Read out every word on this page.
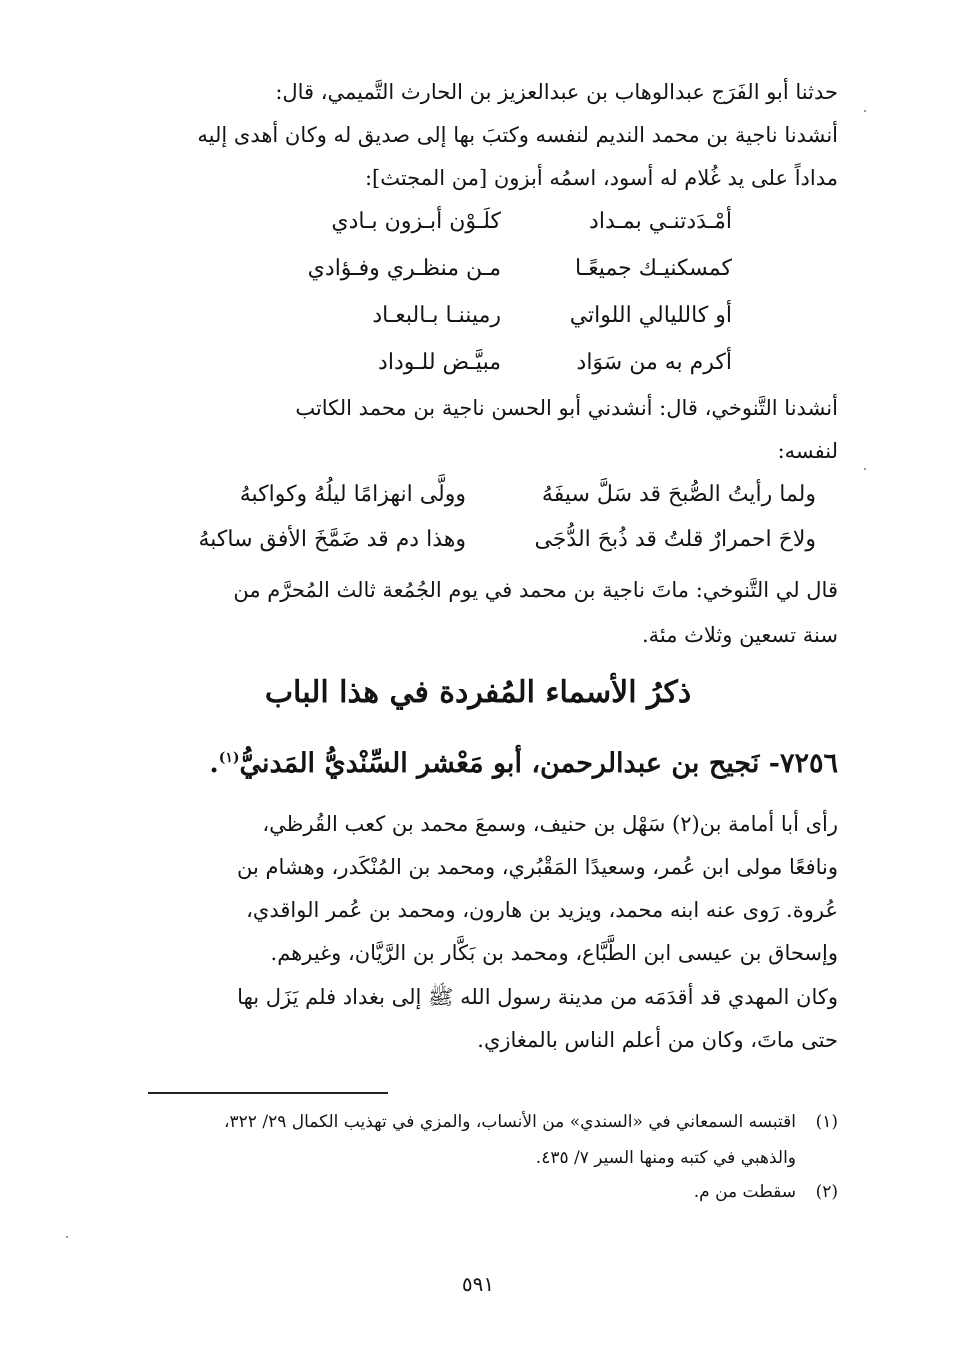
حدثنا أبو الفَرَج عبدالوهاب بن عبدالعزيز بن الحارث التَّميمي، قال:
أنشدنا ناجية بن محمد النديم لنفسه وكتبَ بها إلى صديق له وكان أهدى إليه
مداداً على يد غُلام له أسود، اسمُه أبزون [من المجتث]:
أمْـدَدتنـي بمـداد
كلَـوْن أبـزون بـادي
كمسكنيـك جميعًـا
مـن منظـري وفـؤادي
أو كالليالي اللواتي
رميننـا بـالبعـاد
أكرم به من سَوَاد
مبيَّـض للـوداد
أنشدنا التَّنوخي، قال: أنشدني أبو الحسن ناجية بن محمد الكاتب
لنفسه:
ولما رأيتُ الصُّبحَ قد سَلَّ سيفَهُ
وولَّى انهزامًا ليلُهُ وكواكبهُ
ولاحَ احمرارٌ قلتُ قد ذُبحَ الدُّجَى
وهذا دم قد ضَمَّخَ الأفق ساكبهُ
قال لي التَّنوخي: ماتَ ناجية بن محمد في يوم الجُمُعة ثالث المُحرَّم من
سنة تسعين وثلاث مئة.
ذكرُ الأسماء المُفردة في هذا الباب
٧٢٥٦- نَجيح بن عبدالرحمن، أبو مَعْشر السِّنْديُّ المَدنيُّ$^{(١)}$.
رأى أبا أمامة بن(٢) سَهْل بن حنيف، وسمعَ محمد بن كعب القُرظي،
ونافعًا مولى ابن عُمر، وسعيدًا المَقْبُري، ومحمد بن المُنْكَدر، وهشام بن
عُروة. رَوى عنه ابنه محمد، ويزيد بن هارون، ومحمد بن عُمر الواقدي،
وإسحاق بن عيسى ابن الطَّبَّاع، ومحمد بن بَكَّار بن الرَّيَّان، وغيرهم.
وكان المهدي قد أقدَمَه من مدينة رسول الله ﷺ إلى بغداد فلم يَزَل بها
حتى ماتَ، وكان من أعلم الناس بالمغازي.
(١)اقتبسه السمعاني في «السندي» من الأنساب، والمزي في تهذيب الكمال ٢٩/ ٣٢٢،
والذهبي في كتبه ومنها السير ٧/ ٤٣٥.
(٢)سقطت من م.
٥٩١
